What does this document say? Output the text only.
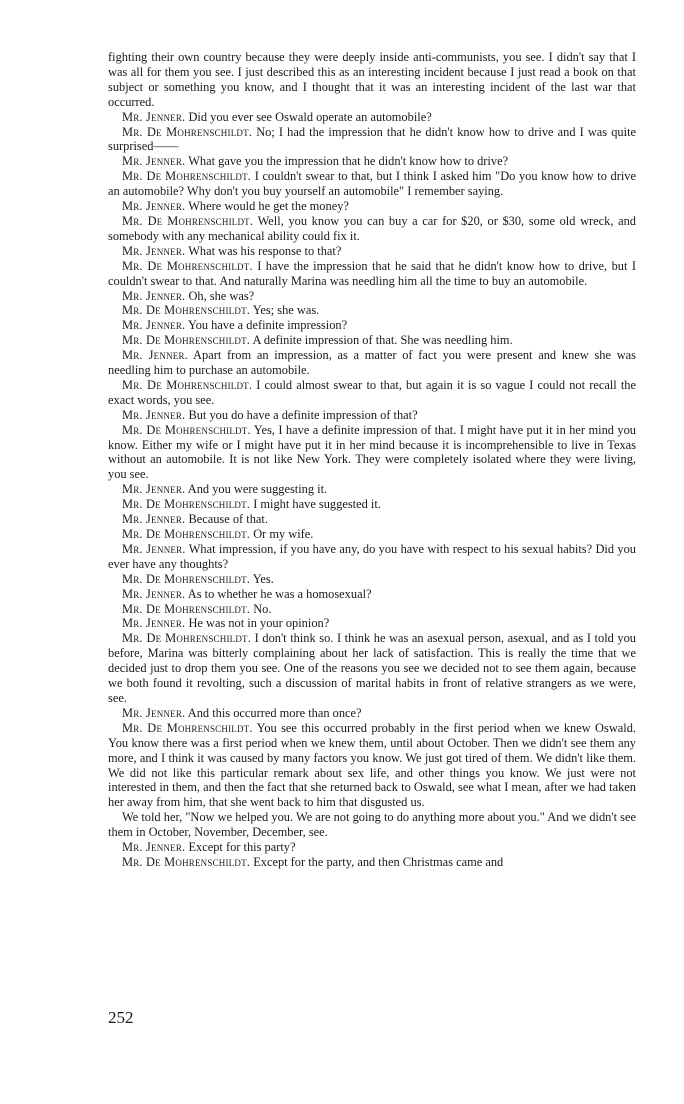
fighting their own country because they were deeply inside anti-communists, you see. I didn't say that I was all for them you see. I just described this as an interesting incident because I just read a book on that subject or something you know, and I thought that it was an interesting incident of the last war that occurred.

Mr. Jenner. Did you ever see Oswald operate an automobile?

Mr. De Mohrenschildt. No; I had the impression that he didn't know how to drive and I was quite surprised——

Mr. Jenner. What gave you the impression that he didn't know how to drive?

Mr. De Mohrenschildt. I couldn't swear to that, but I think I asked him "Do you know how to drive an automobile? Why don't you buy yourself an automobile" I remember saying.

Mr. Jenner. Where would he get the money?

Mr. De Mohrenschildt. Well, you know you can buy a car for $20, or $30, some old wreck, and somebody with any mechanical ability could fix it.

Mr. Jenner. What was his response to that?

Mr. De Mohrenschildt. I have the impression that he said that he didn't know how to drive, but I couldn't swear to that. And naturally Marina was needling him all the time to buy an automobile.

Mr. Jenner. Oh, she was?

Mr. De Mohrenschildt. Yes; she was.

Mr. Jenner. You have a definite impression?

Mr. De Mohrenschildt. A definite impression of that. She was needling him.

Mr. Jenner. Apart from an impression, as a matter of fact you were present and knew she was needling him to purchase an automobile.

Mr. De Mohrenschildt. I could almost swear to that, but again it is so vague I could not recall the exact words, you see.

Mr. Jenner. But you do have a definite impression of that?

Mr. De Mohrenschildt. Yes, I have a definite impression of that. I might have put it in her mind you know. Either my wife or I might have put it in her mind because it is incomprehensible to live in Texas without an automobile. It is not like New York. They were completely isolated where they were living, you see.

Mr. Jenner. And you were suggesting it.

Mr. De Mohrenschildt. I might have suggested it.

Mr. Jenner. Because of that.

Mr. De Mohrenschildt. Or my wife.

Mr. Jenner. What impression, if you have any, do you have with respect to his sexual habits? Did you ever have any thoughts?

Mr. De Mohrenschildt. Yes.

Mr. Jenner. As to whether he was a homosexual?

Mr. De Mohrenschildt. No.

Mr. Jenner. He was not in your opinion?

Mr. De Mohrenschildt. I don't think so. I think he was an asexual person, asexual, and as I told you before, Marina was bitterly complaining about her lack of satisfaction. This is really the time that we decided just to drop them you see. One of the reasons you see we decided not to see them again, because we both found it revolting, such a discussion of marital habits in front of relative strangers as we were, see.

Mr. Jenner. And this occurred more than once?

Mr. De Mohrenschildt. You see this occurred probably in the first period when we knew Oswald. You know there was a first period when we knew them, until about October. Then we didn't see them any more, and I think it was caused by many factors you know. We just got tired of them. We didn't like them. We did not like this particular remark about sex life, and other things you know. We just were not interested in them, and then the fact that she returned back to Oswald, see what I mean, after we had taken her away from him, that she went back to him that disgusted us.

We told her, "Now we helped you. We are not going to do anything more about you." And we didn't see them in October, November, December, see.

Mr. Jenner. Except for this party?

Mr. De Mohrenschildt. Except for the party, and then Christmas came and

252
